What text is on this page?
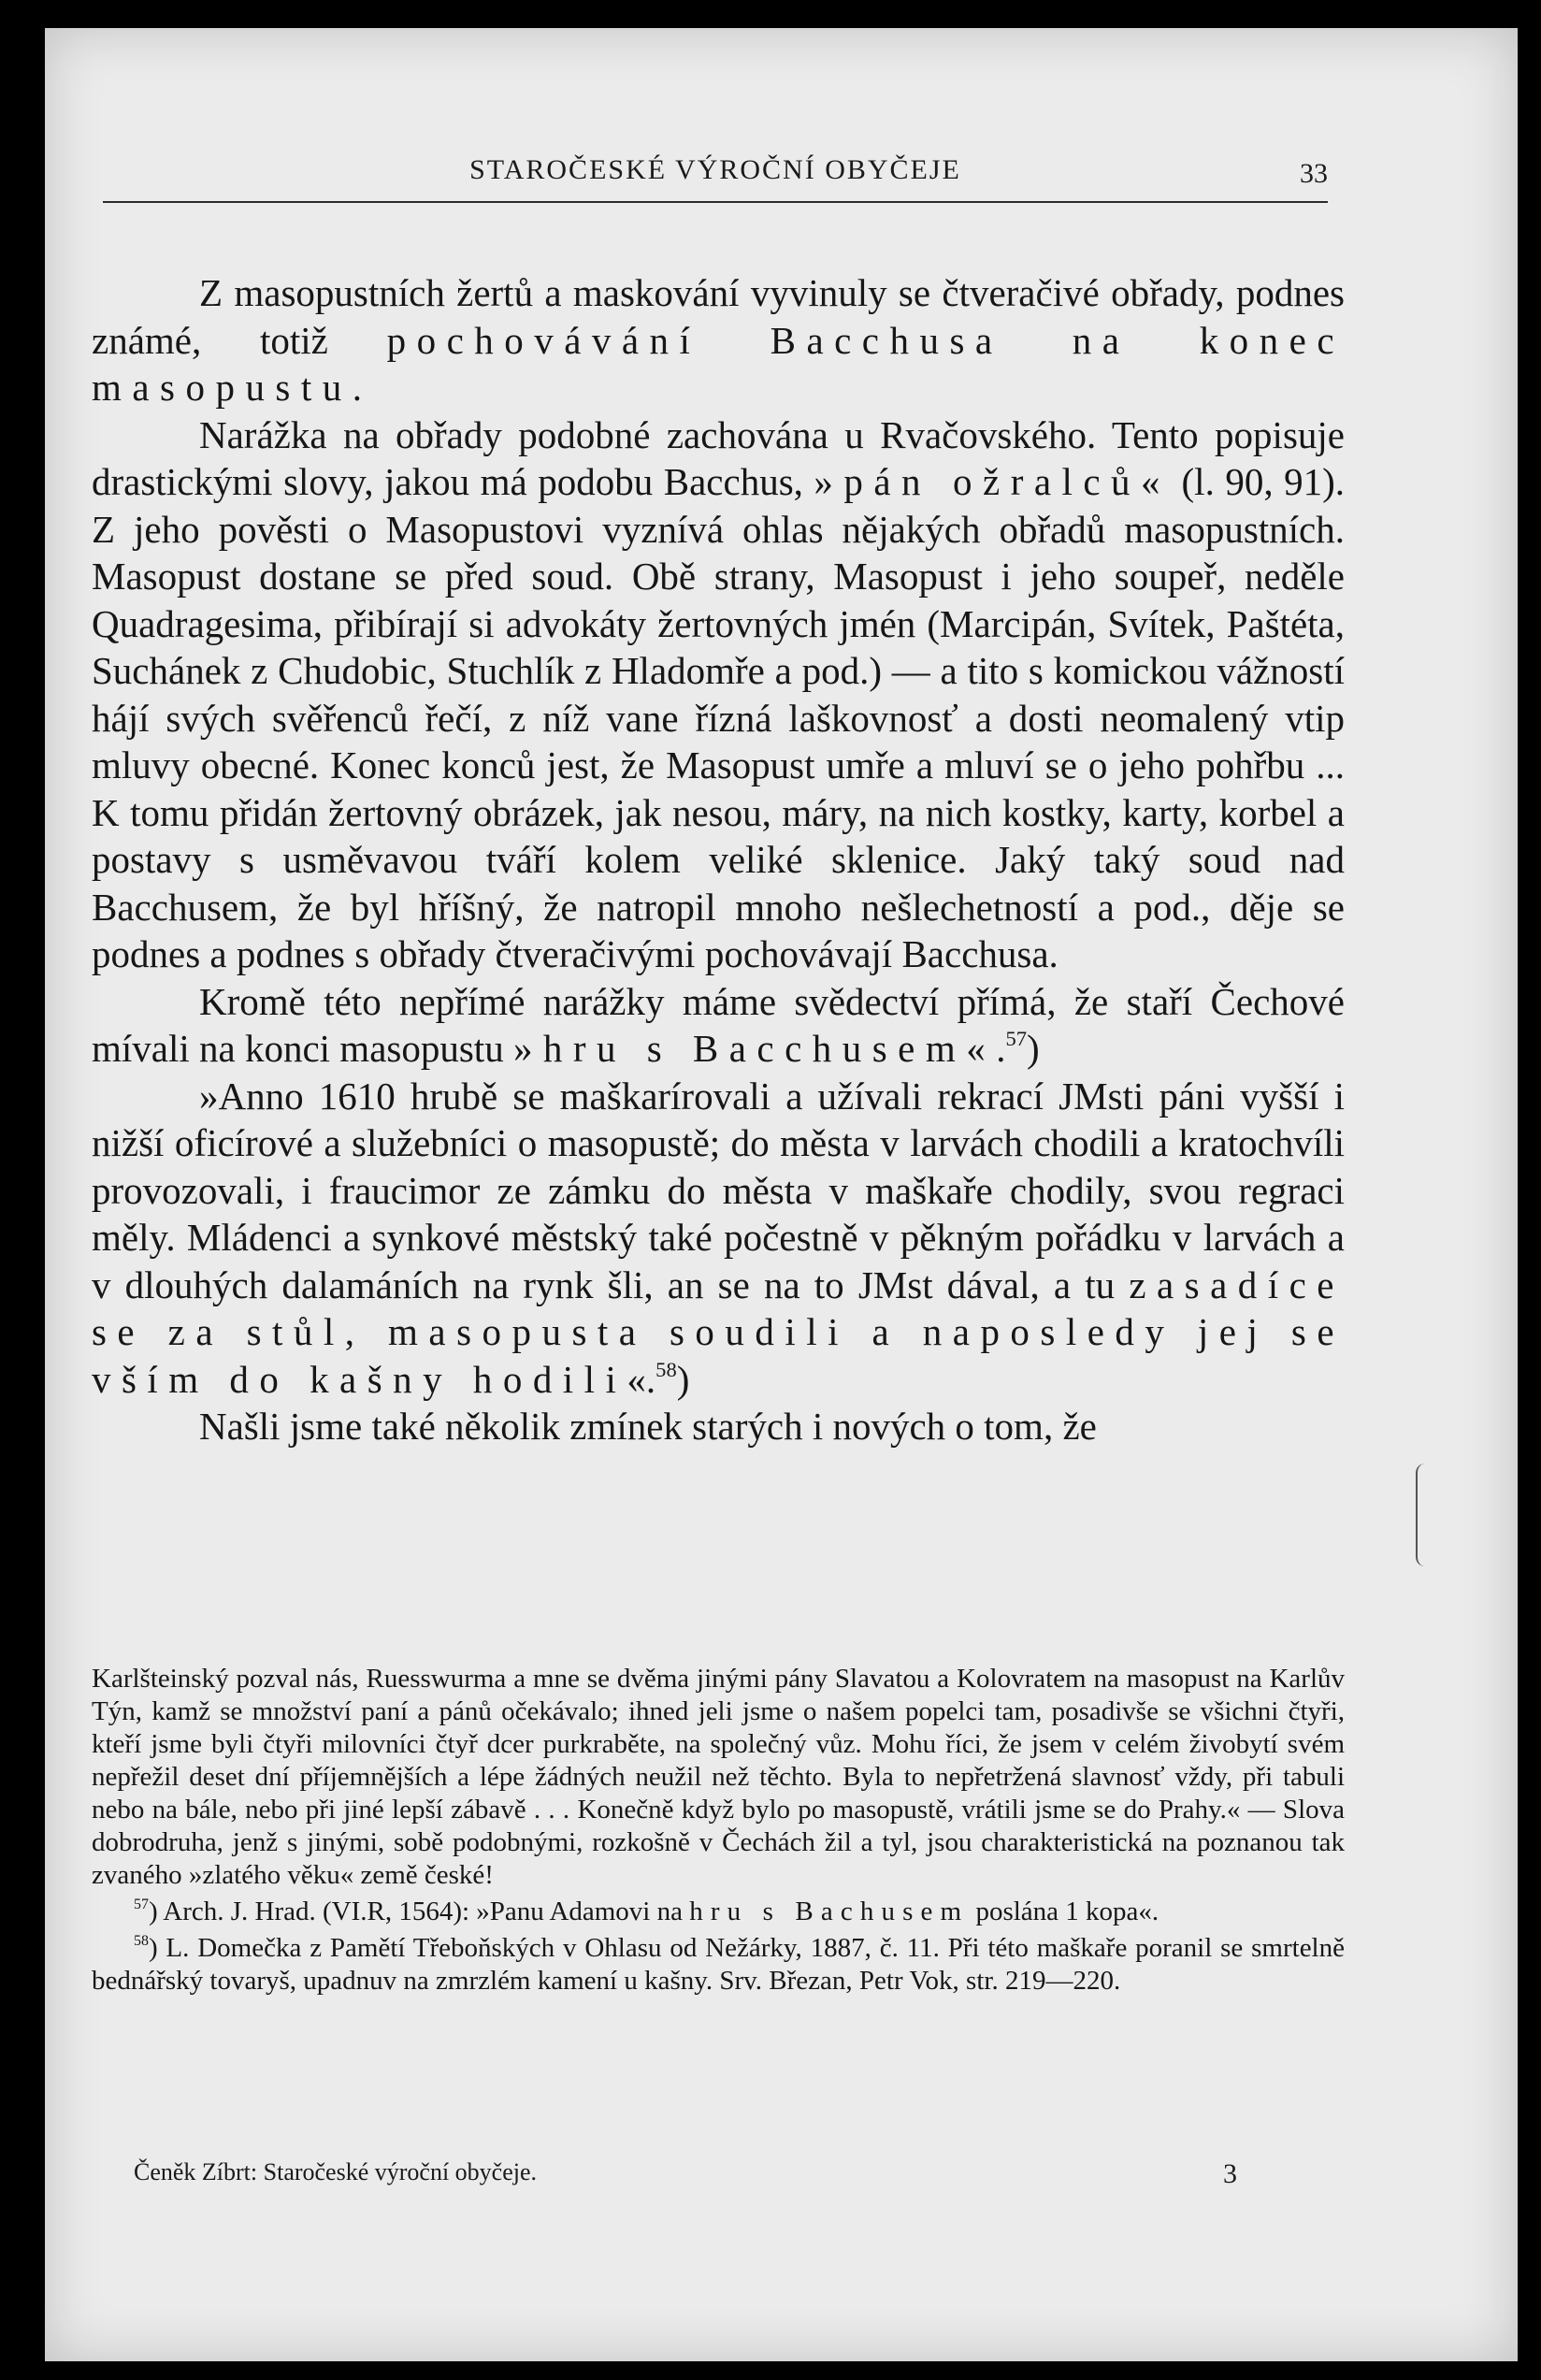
STAROČESKÉ VÝROČNÍ OBYČEJE	33

Z masopustních žertů a maskování vyvinuly se čtveračivé obřady, podnes známé, totiž pochovávání Bacchusa na konec masopustu.

Narážka na obřady podobné zachována u Rvačovského. Tento popisuje drastickými slovy, jakou má podobu Bacchus, »pán ožralců« (l. 90, 91). Z jeho pověsti o Masopustovi vyznívá ohlas nějakých obřadů masopustních. Masopust dostane se před soud. Obě strany, Masopust i jeho soupeř, neděle Quadragesima, přibírají si advokáty žertovných jmén (Marcipán, Svítek, Paštéta, Suchánek z Chudobic, Stuchlík z Hladomře a pod.) — a tito s komickou vážností hájí svých svěřenců řečí, z níž vane řízná laškovnosť a dosti neomalený vtip mluvy obecné. Konec konců jest, že Masopust umře a mluví se o jeho pohřbu ... K tomu přidán žertovný obrázek, jak nesou, máry, na nich kostky, karty, korbel a postavy s usměvavou tváří kolem veliké sklenice. Jaký taký soud nad Bacchusem, že byl hříšný, že natropil mnoho nešlechetností a pod., děje se podnes a podnes s obřady čtveračivými pochovávají Bacchusa.

Kromě této nepřímé narážky máme svědectví přímá, že staří Čechové mívali na konci masopustu »hru s Bacchusem«.$^{57}$)

»Anno 1610 hrubě se maškarírovali a užívali rekrací JMsti páni vyšší i nižší oficírové a služebníci o masopustě; do města v larvách chodili a kratochvíli provozovali, i fraucimor ze zámku do města v maškaře chodily, svou regraci měly. Mládenci a synkové městský také počestně v pěkným pořádku v larvách a v dlouhých dalamáních na rynk šli, an se na to JMst dával, a tu zasadíce se za stůl, masopusta soudili a naposledy jej se vším do kašny hodili«.$^{58}$)

Našli jsme také několik zmínek starých i nových o tom, že

Karlšteinský pozval nás, Ruesswurma a mne se dvěma jinými pány Slavatou a Kolovratem na masopust na Karlův Týn, kamž se množství paní a pánů očekávalo; ihned jeli jsme o našem popelci tam, posadivše se všichni čtyři, kteří jsme byli čtyři milovníci čtyř dcer purkraběte, na společný vůz. Mohu říci, že jsem v celém živobytí svém nepřežil deset dní příjemnějších a lépe žádných neužil než těchto. Byla to nepřetržená slavnosť vždy, při tabuli nebo na bále, nebo při jiné lepší zábavě . . . Konečně když bylo po masopustě, vrátili jsme se do Prahy.« — Slova dobrodruha, jenž s jinými, sobě podobnými, rozkošně v Čechách žil a tyl, jsou charakteristická na poznanou tak zvaného »zlatého věku« země české!

$^{57}$) Arch. J. Hrad. (VI.R, 1564): »Panu Adamovi na hru s Bachusem poslána 1 kopa«.

$^{58}$) L. Domečka z Pamětí Třeboňských v Ohlasu od Nežárky, 1887, č. 11. Při této maškaře poranil se smrtelně bednářský tovaryš, upadnuv na zmrzlém kamení u kašny. Srv. Březan, Petr Vok, str. 219—220.

Čeněk Zíbrt: Staročeské výroční obyčeje.	3
